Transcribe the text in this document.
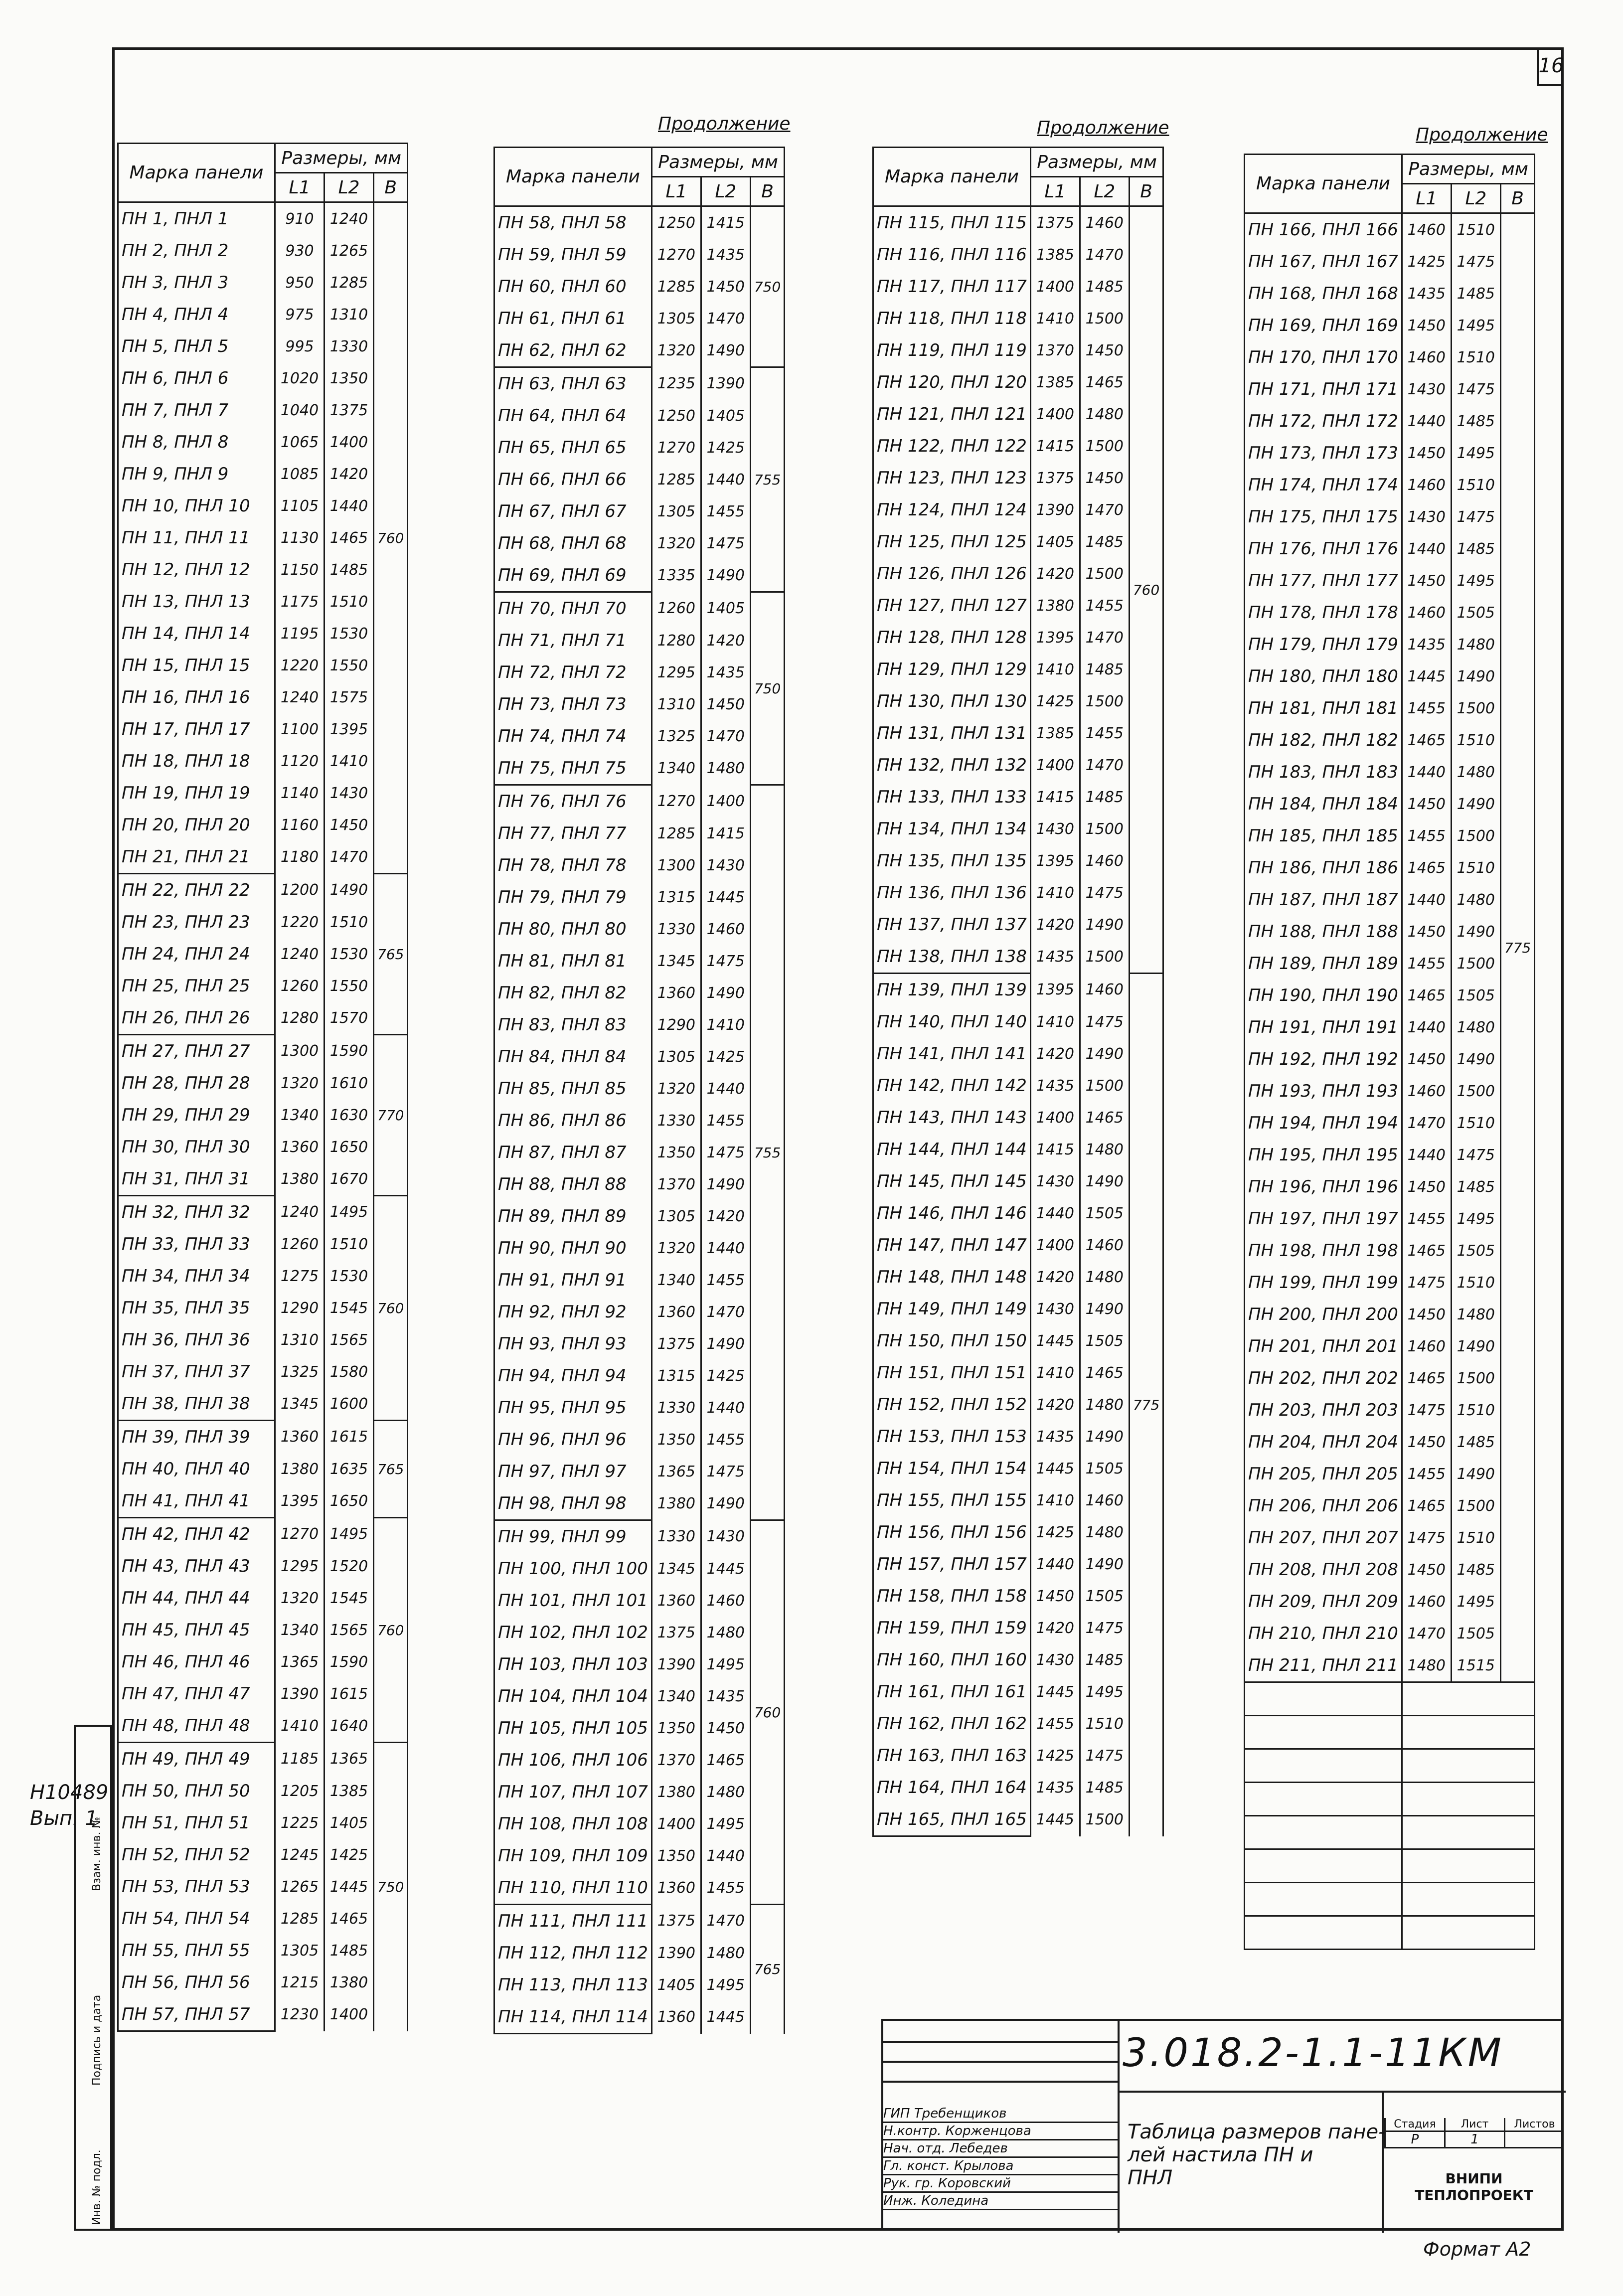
16
Продолжение	Продолжение	Продолжение
Марка панели	Размеры, мм		
	L1	L2	В
ПН 1, ПНЛ 1	910	1240	760
ПН 2, ПНЛ 2	930	1265	
ПН 3, ПНЛ 3	950	1285	
ПН 4, ПНЛ 4	975	1310	
ПН 5, ПНЛ 5	995	1330	
ПН 6, ПНЛ 6	1020	1350	
ПН 7, ПНЛ 7	1040	1375	
ПН 8, ПНЛ 8	1065	1400	
ПН 9, ПНЛ 9	1085	1420	
ПН 10, ПНЛ 10	1105	1440	
ПН 11, ПНЛ 11	1130	1465	
ПН 12, ПНЛ 12	1150	1485	
ПН 13, ПНЛ 13	1175	1510	
ПН 14, ПНЛ 14	1195	1530	
ПН 15, ПНЛ 15	1220	1550	
ПН 16, ПНЛ 16	1240	1575	
ПН 17, ПНЛ 17	1100	1395	
ПН 18, ПНЛ 18	1120	1410	
ПН 19, ПНЛ 19	1140	1430	
ПН 20, ПНЛ 20	1160	1450	
ПН 21, ПНЛ 21	1180	1470	
ПН 22, ПНЛ 22	1200	1490	765
ПН 23, ПНЛ 23	1220	1510	
ПН 24, ПНЛ 24	1240	1530	
ПН 25, ПНЛ 25	1260	1550	
ПН 26, ПНЛ 26	1280	1570	
ПН 27, ПНЛ 27	1300	1590	770
ПН 28, ПНЛ 28	1320	1610	
ПН 29, ПНЛ 29	1340	1630	
ПН 30, ПНЛ 30	1360	1650	
ПН 31, ПНЛ 31	1380	1670	
ПН 32, ПНЛ 32	1240	1495	760
ПН 33, ПНЛ 33	1260	1510	
ПН 34, ПНЛ 34	1275	1530	
ПН 35, ПНЛ 35	1290	1545	
ПН 36, ПНЛ 36	1310	1565	
ПН 37, ПНЛ 37	1325	1580	
ПН 38, ПНЛ 38	1345	1600	
ПН 39, ПНЛ 39	1360	1615	765
ПН 40, ПНЛ 40	1380	1635	
ПН 41, ПНЛ 41	1395	1650	
ПН 42, ПНЛ 42	1270	1495	760
ПН 43, ПНЛ 43	1295	1520	
ПН 44, ПНЛ 44	1320	1545	
ПН 45, ПНЛ 45	1340	1565	
ПН 46, ПНЛ 46	1365	1590	
ПН 47, ПНЛ 47	1390	1615	
ПН 48, ПНЛ 48	1410	1640	
ПН 49, ПНЛ 49	1185	1365	750
ПН 50, ПНЛ 50	1205	1385	
ПН 51, ПНЛ 51	1225	1405	
ПН 52, ПНЛ 52	1245	1425	
ПН 53, ПНЛ 53	1265	1445	
ПН 54, ПНЛ 54	1285	1465	
ПН 55, ПНЛ 55	1305	1485	
ПН 56, ПНЛ 56	1215	1380	
ПН 57, ПНЛ 57	1230	1400	
Марка панели	Размеры, мм		
	L1	L2	В
ПН 58, ПНЛ 58	1250	1415	750
ПН 59, ПНЛ 59	1270	1435	
ПН 60, ПНЛ 60	1285	1450	
ПН 61, ПНЛ 61	1305	1470	
ПН 62, ПНЛ 62	1320	1490	
ПН 63, ПНЛ 63	1235	1390	755
ПН 64, ПНЛ 64	1250	1405	
ПН 65, ПНЛ 65	1270	1425	
ПН 66, ПНЛ 66	1285	1440	
ПН 67, ПНЛ 67	1305	1455	
ПН 68, ПНЛ 68	1320	1475	
ПН 69, ПНЛ 69	1335	1490	
ПН 70, ПНЛ 70	1260	1405	750
ПН 71, ПНЛ 71	1280	1420	
ПН 72, ПНЛ 72	1295	1435	
ПН 73, ПНЛ 73	1310	1450	
ПН 74, ПНЛ 74	1325	1470	
ПН 75, ПНЛ 75	1340	1480	
ПН 76, ПНЛ 76	1270	1400	755
ПН 77, ПНЛ 77	1285	1415	
ПН 78, ПНЛ 78	1300	1430	
ПН 79, ПНЛ 79	1315	1445	
ПН 80, ПНЛ 80	1330	1460	
ПН 81, ПНЛ 81	1345	1475	
ПН 82, ПНЛ 82	1360	1490	
ПН 83, ПНЛ 83	1290	1410	
ПН 84, ПНЛ 84	1305	1425	
ПН 85, ПНЛ 85	1320	1440	
ПН 86, ПНЛ 86	1330	1455	
ПН 87, ПНЛ 87	1350	1475	
ПН 88, ПНЛ 88	1370	1490	
ПН 89, ПНЛ 89	1305	1420	
ПН 90, ПНЛ 90	1320	1440	
ПН 91, ПНЛ 91	1340	1455	
ПН 92, ПНЛ 92	1360	1470	
ПН 93, ПНЛ 93	1375	1490	
ПН 94, ПНЛ 94	1315	1425	
ПН 95, ПНЛ 95	1330	1440	
ПН 96, ПНЛ 96	1350	1455	
ПН 97, ПНЛ 97	1365	1475	
ПН 98, ПНЛ 98	1380	1490	
ПН 99, ПНЛ 99	1330	1430	760
ПН 100, ПНЛ 100	1345	1445	
ПН 101, ПНЛ 101	1360	1460	
ПН 102, ПНЛ 102	1375	1480	
ПН 103, ПНЛ 103	1390	1495	
ПН 104, ПНЛ 104	1340	1435	
ПН 105, ПНЛ 105	1350	1450	
ПН 106, ПНЛ 106	1370	1465	
ПН 107, ПНЛ 107	1380	1480	
ПН 108, ПНЛ 108	1400	1495	
ПН 109, ПНЛ 109	1350	1440	
ПН 110, ПНЛ 110	1360	1455	
ПН 111, ПНЛ 111	1375	1470	765
ПН 112, ПНЛ 112	1390	1480	
ПН 113, ПНЛ 113	1405	1495	
ПН 114, ПНЛ 114	1360	1445	
Марка панели	Размеры, мм		
	L1	L2	В
ПН 115, ПНЛ 115	1375	1460	760
ПН 116, ПНЛ 116	1385	1470	
ПН 117, ПНЛ 117	1400	1485	
ПН 118, ПНЛ 118	1410	1500	
ПН 119, ПНЛ 119	1370	1450	
ПН 120, ПНЛ 120	1385	1465	
ПН 121, ПНЛ 121	1400	1480	
ПН 122, ПНЛ 122	1415	1500	
ПН 123, ПНЛ 123	1375	1450	
ПН 124, ПНЛ 124	1390	1470	
ПН 125, ПНЛ 125	1405	1485	
ПН 126, ПНЛ 126	1420	1500	
ПН 127, ПНЛ 127	1380	1455	
ПН 128, ПНЛ 128	1395	1470	
ПН 129, ПНЛ 129	1410	1485	
ПН 130, ПНЛ 130	1425	1500	
ПН 131, ПНЛ 131	1385	1455	
ПН 132, ПНЛ 132	1400	1470	
ПН 133, ПНЛ 133	1415	1485	
ПН 134, ПНЛ 134	1430	1500	
ПН 135, ПНЛ 135	1395	1460	
ПН 136, ПНЛ 136	1410	1475	
ПН 137, ПНЛ 137	1420	1490	
ПН 138, ПНЛ 138	1435	1500	
ПН 139, ПНЛ 139	1395	1460	775
ПН 140, ПНЛ 140	1410	1475	
ПН 141, ПНЛ 141	1420	1490	
ПН 142, ПНЛ 142	1435	1500	
ПН 143, ПНЛ 143	1400	1465	
ПН 144, ПНЛ 144	1415	1480	
ПН 145, ПНЛ 145	1430	1490	
ПН 146, ПНЛ 146	1440	1505	
ПН 147, ПНЛ 147	1400	1460	
ПН 148, ПНЛ 148	1420	1480	
ПН 149, ПНЛ 149	1430	1490	
ПН 150, ПНЛ 150	1445	1505	
ПН 151, ПНЛ 151	1410	1465	
ПН 152, ПНЛ 152	1420	1480	
ПН 153, ПНЛ 153	1435	1490	
ПН 154, ПНЛ 154	1445	1505	
ПН 155, ПНЛ 155	1410	1460	
ПН 156, ПНЛ 156	1425	1480	
ПН 157, ПНЛ 157	1440	1490	
ПН 158, ПНЛ 158	1450	1505	
ПН 159, ПНЛ 159	1420	1475	
ПН 160, ПНЛ 160	1430	1485	
ПН 161, ПНЛ 161	1445	1495	
ПН 162, ПНЛ 162	1455	1510	
ПН 163, ПНЛ 163	1425	1475	
ПН 164, ПНЛ 164	1435	1485	
ПН 165, ПНЛ 165	1445	1500	
Марка панели	Размеры, мм		
	L1	L2	В
ПН 166, ПНЛ 166	1460	1510	775
ПН 167, ПНЛ 167	1425	1475	
ПН 168, ПНЛ 168	1435	1485	
ПН 169, ПНЛ 169	1450	1495	
ПН 170, ПНЛ 170	1460	1510	
ПН 171, ПНЛ 171	1430	1475	
ПН 172, ПНЛ 172	1440	1485	
ПН 173, ПНЛ 173	1450	1495	
ПН 174, ПНЛ 174	1460	1510	
ПН 175, ПНЛ 175	1430	1475	
ПН 176, ПНЛ 176	1440	1485	
ПН 177, ПНЛ 177	1450	1495	
ПН 178, ПНЛ 178	1460	1505	
ПН 179, ПНЛ 179	1435	1480	
ПН 180, ПНЛ 180	1445	1490	
ПН 181, ПНЛ 181	1455	1500	
ПН 182, ПНЛ 182	1465	1510	
ПН 183, ПНЛ 183	1440	1480	
ПН 184, ПНЛ 184	1450	1490	
ПН 185, ПНЛ 185	1455	1500	
ПН 186, ПНЛ 186	1465	1510	
ПН 187, ПНЛ 187	1440	1480	
ПН 188, ПНЛ 188	1450	1490	
ПН 189, ПНЛ 189	1455	1500	
ПН 190, ПНЛ 190	1465	1505	
ПН 191, ПНЛ 191	1440	1480	
ПН 192, ПНЛ 192	1450	1490	
ПН 193, ПНЛ 193	1460	1500	
ПН 194, ПНЛ 194	1470	1510	
ПН 195, ПНЛ 195	1440	1475	
ПН 196, ПНЛ 196	1450	1485	
ПН 197, ПНЛ 197	1455	1495	
ПН 198, ПНЛ 198	1465	1505	
ПН 199, ПНЛ 199	1475	1510	
ПН 200, ПНЛ 200	1450	1480	
ПН 201, ПНЛ 201	1460	1490	
ПН 202, ПНЛ 202	1465	1500	
ПН 203, ПНЛ 203	1475	1510	
ПН 204, ПНЛ 204	1450	1485	
ПН 205, ПНЛ 205	1455	1490	
ПН 206, ПНЛ 206	1465	1500	
ПН 207, ПНЛ 207	1475	1510	
ПН 208, ПНЛ 208	1450	1485	
ПН 209, ПНЛ 209	1460	1495	
ПН 210, ПНЛ 210	1470	1505	
ПН 211, ПНЛ 211	1480	1515	

Н10489
Вып. 1
Инв. № подл.
Подпись и дата
Взам. инв. №
3.018.2-1.1-11КМ
ГИП Требенщиков
Н.контр. Корженцова
Нач. отд. Лебедев
Гл. конст. Крылова
Рук. гр. Коровский
Инж. Коледина
Таблица размеров пане-
лей настила ПН и
ПНЛ
Стадия	Лист	Листов
Р	1
ВНИПИ
ТЕПЛОПРОЕКТ
Формат А2
